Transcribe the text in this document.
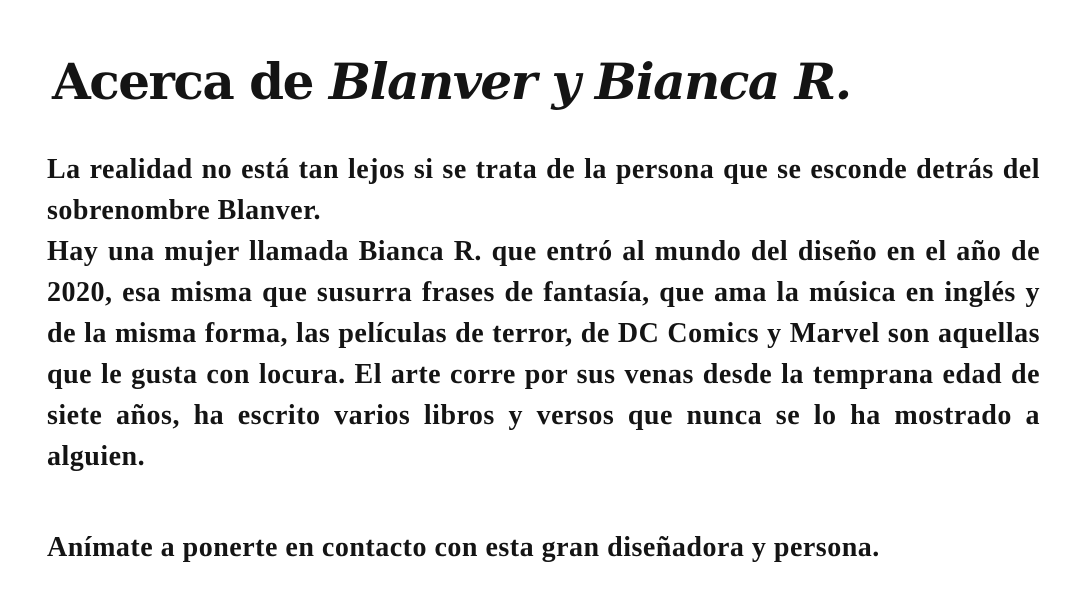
Acerca de Blanver y Bianca R.

La realidad no está tan lejos si se trata de la persona que se esconde detrás del sobrenombre Blanver.

Hay una mujer llamada Bianca R. que entró al mundo del diseño en el año de 2020, esa misma que susurra frases de fantasía, que ama la música en inglés y de la misma forma, las películas de terror, de DC Comics y Marvel son aquellas que le gusta con locura. El arte corre por sus venas desde la temprana edad de siete años, ha escrito varios libros y versos que nunca se lo ha mostrado a alguien.

Anímate a ponerte en contacto con esta gran diseñadora y persona.
